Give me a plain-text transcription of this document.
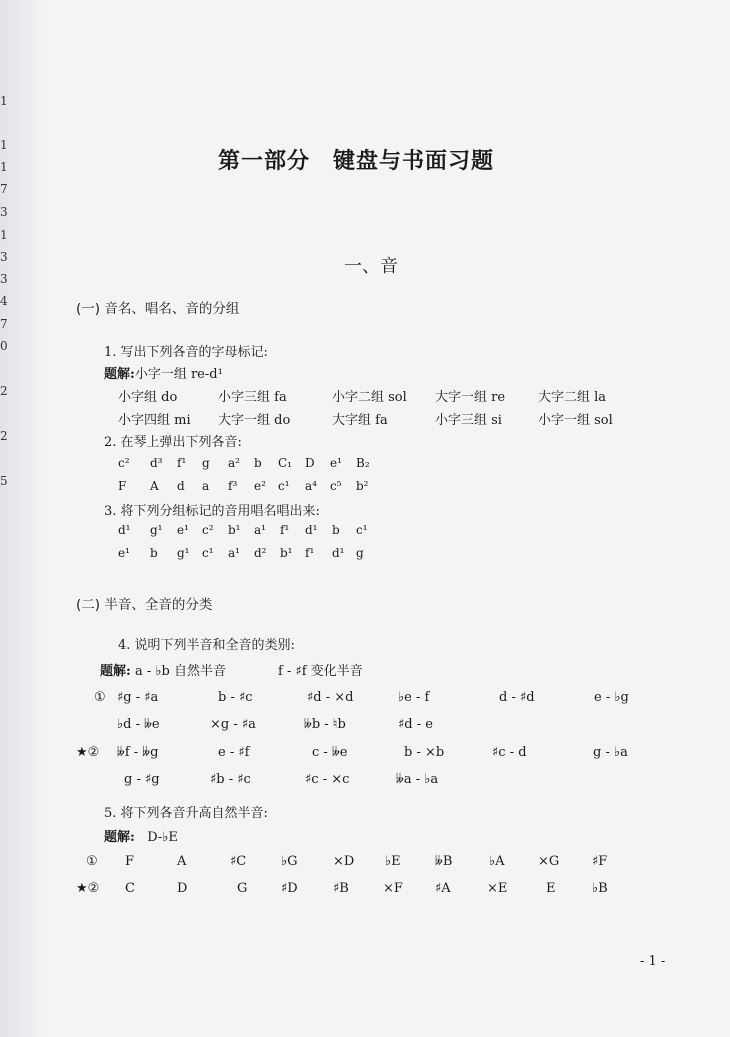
1
1
1
7
3
1
3
3
4
7
0
2
2
5
第一部分　键盘与书面习题
一、音
(一) 音名、唱名、音的分组
1. 写出下列各音的字母标记:
题解:小字一组 re-d¹
小字组 do	小字三组 fa	小字二组 sol 大字一组 re	大字二组 la
小字四组 mi 大字一组 do	大字组 fa	小字三组 si	小字一组 sol
2. 在琴上弹出下列各音:
c² d³ f¹ g a² b C₁ D e¹ B₂
F A d a f³ e² c¹ a⁴ c⁵ b²
3. 将下列分组标记的音用唱名唱出来:
d¹ g¹ e¹ c² b¹ a¹ f¹ d¹ b c¹
e¹ b g¹ c¹ a¹ d² b¹ f¹ d¹ g
(二) 半音、全音的分类
4. 说明下列半音和全音的类别:
题解: a - ♭b 自然半音	f - ♯f 变化半音
① ♯g - ♯a	b - ♯c	♯d - ×d	♭e - f	d - ♯d	e - ♭g
♭d - 𝄫e	×g - ♯a	𝄫b - ♮b	♯d - e
★② 𝄫f - 𝄫g	e - ♯f	c - 𝄫e	b - ×b	♯c - d	g - ♭a
g - ♯g	♯b - ♯c	♯c - ×c	𝄫a - ♭a
5. 将下列各音升高自然半音:
题解: D-♭E
① F	A	♯C	♭G	×D ♭E	𝄫B	♭A	×G	♯F
★② C	D	G	♯D	♯B	×F ♯A	×E	E	♭B
- 1 -
